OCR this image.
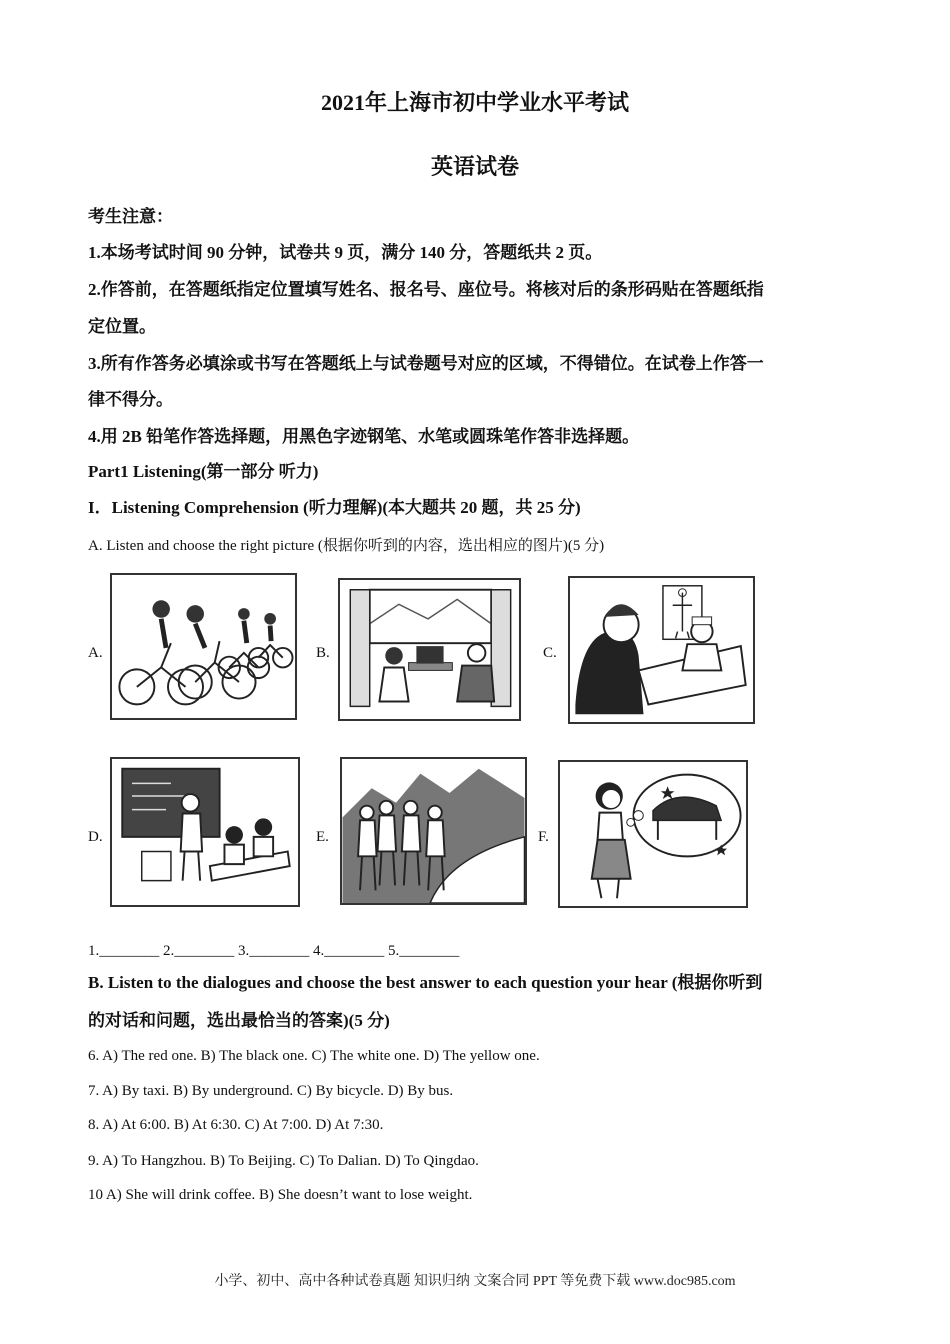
2021年上海市初中学业水平考试
英语试卷
考生注意：
1.本场考试时间 90 分钟，试卷共 9 页，满分 140 分，答题纸共 2 页。
2.作答前，在答题纸指定位置填写姓名、报名号、座位号。将核对后的条形码贴在答题纸指
定位置。
3.所有作答务必填涂或书写在答题纸上与试卷题号对应的区域，不得错位。在试卷上作答一
律不得分。
4.用 2B 铅笔作答选择题，用黑色字迹钢笔、水笔或圆珠笔作答非选择题。
Part1 Listening(第一部分 听力)
I．Listening Comprehension (听力理解)(本大题共 20 题，共 25 分)
A. Listen and choose the right picture (根据你听到的内容，选出相应的图片)(5 分)
A.	B.	C.
D.	E.	F.
1.________ 2.________ 3.________ 4.________ 5.________
B. Listen to the dialogues and choose the best answer to each question your hear (根据你听到
的对话和问题，选出最恰当的答案)(5 分)
6. A) The red one. B) The black one. C) The white one. D) The yellow one.
7. A) By taxi. B) By underground. C) By bicycle. D) By bus.
8. A) At 6:00. B) At 6:30. C) At 7:00. D) At 7:30.
9. A) To Hangzhou. B) To Beijing. C) To Dalian. D) To Qingdao.
10 A) She will drink coffee. B) She doesn’t want to lose weight.
小学、初中、高中各种试卷真题 知识归纳 文案合同 PPT 等免费下载 www.doc985.com
